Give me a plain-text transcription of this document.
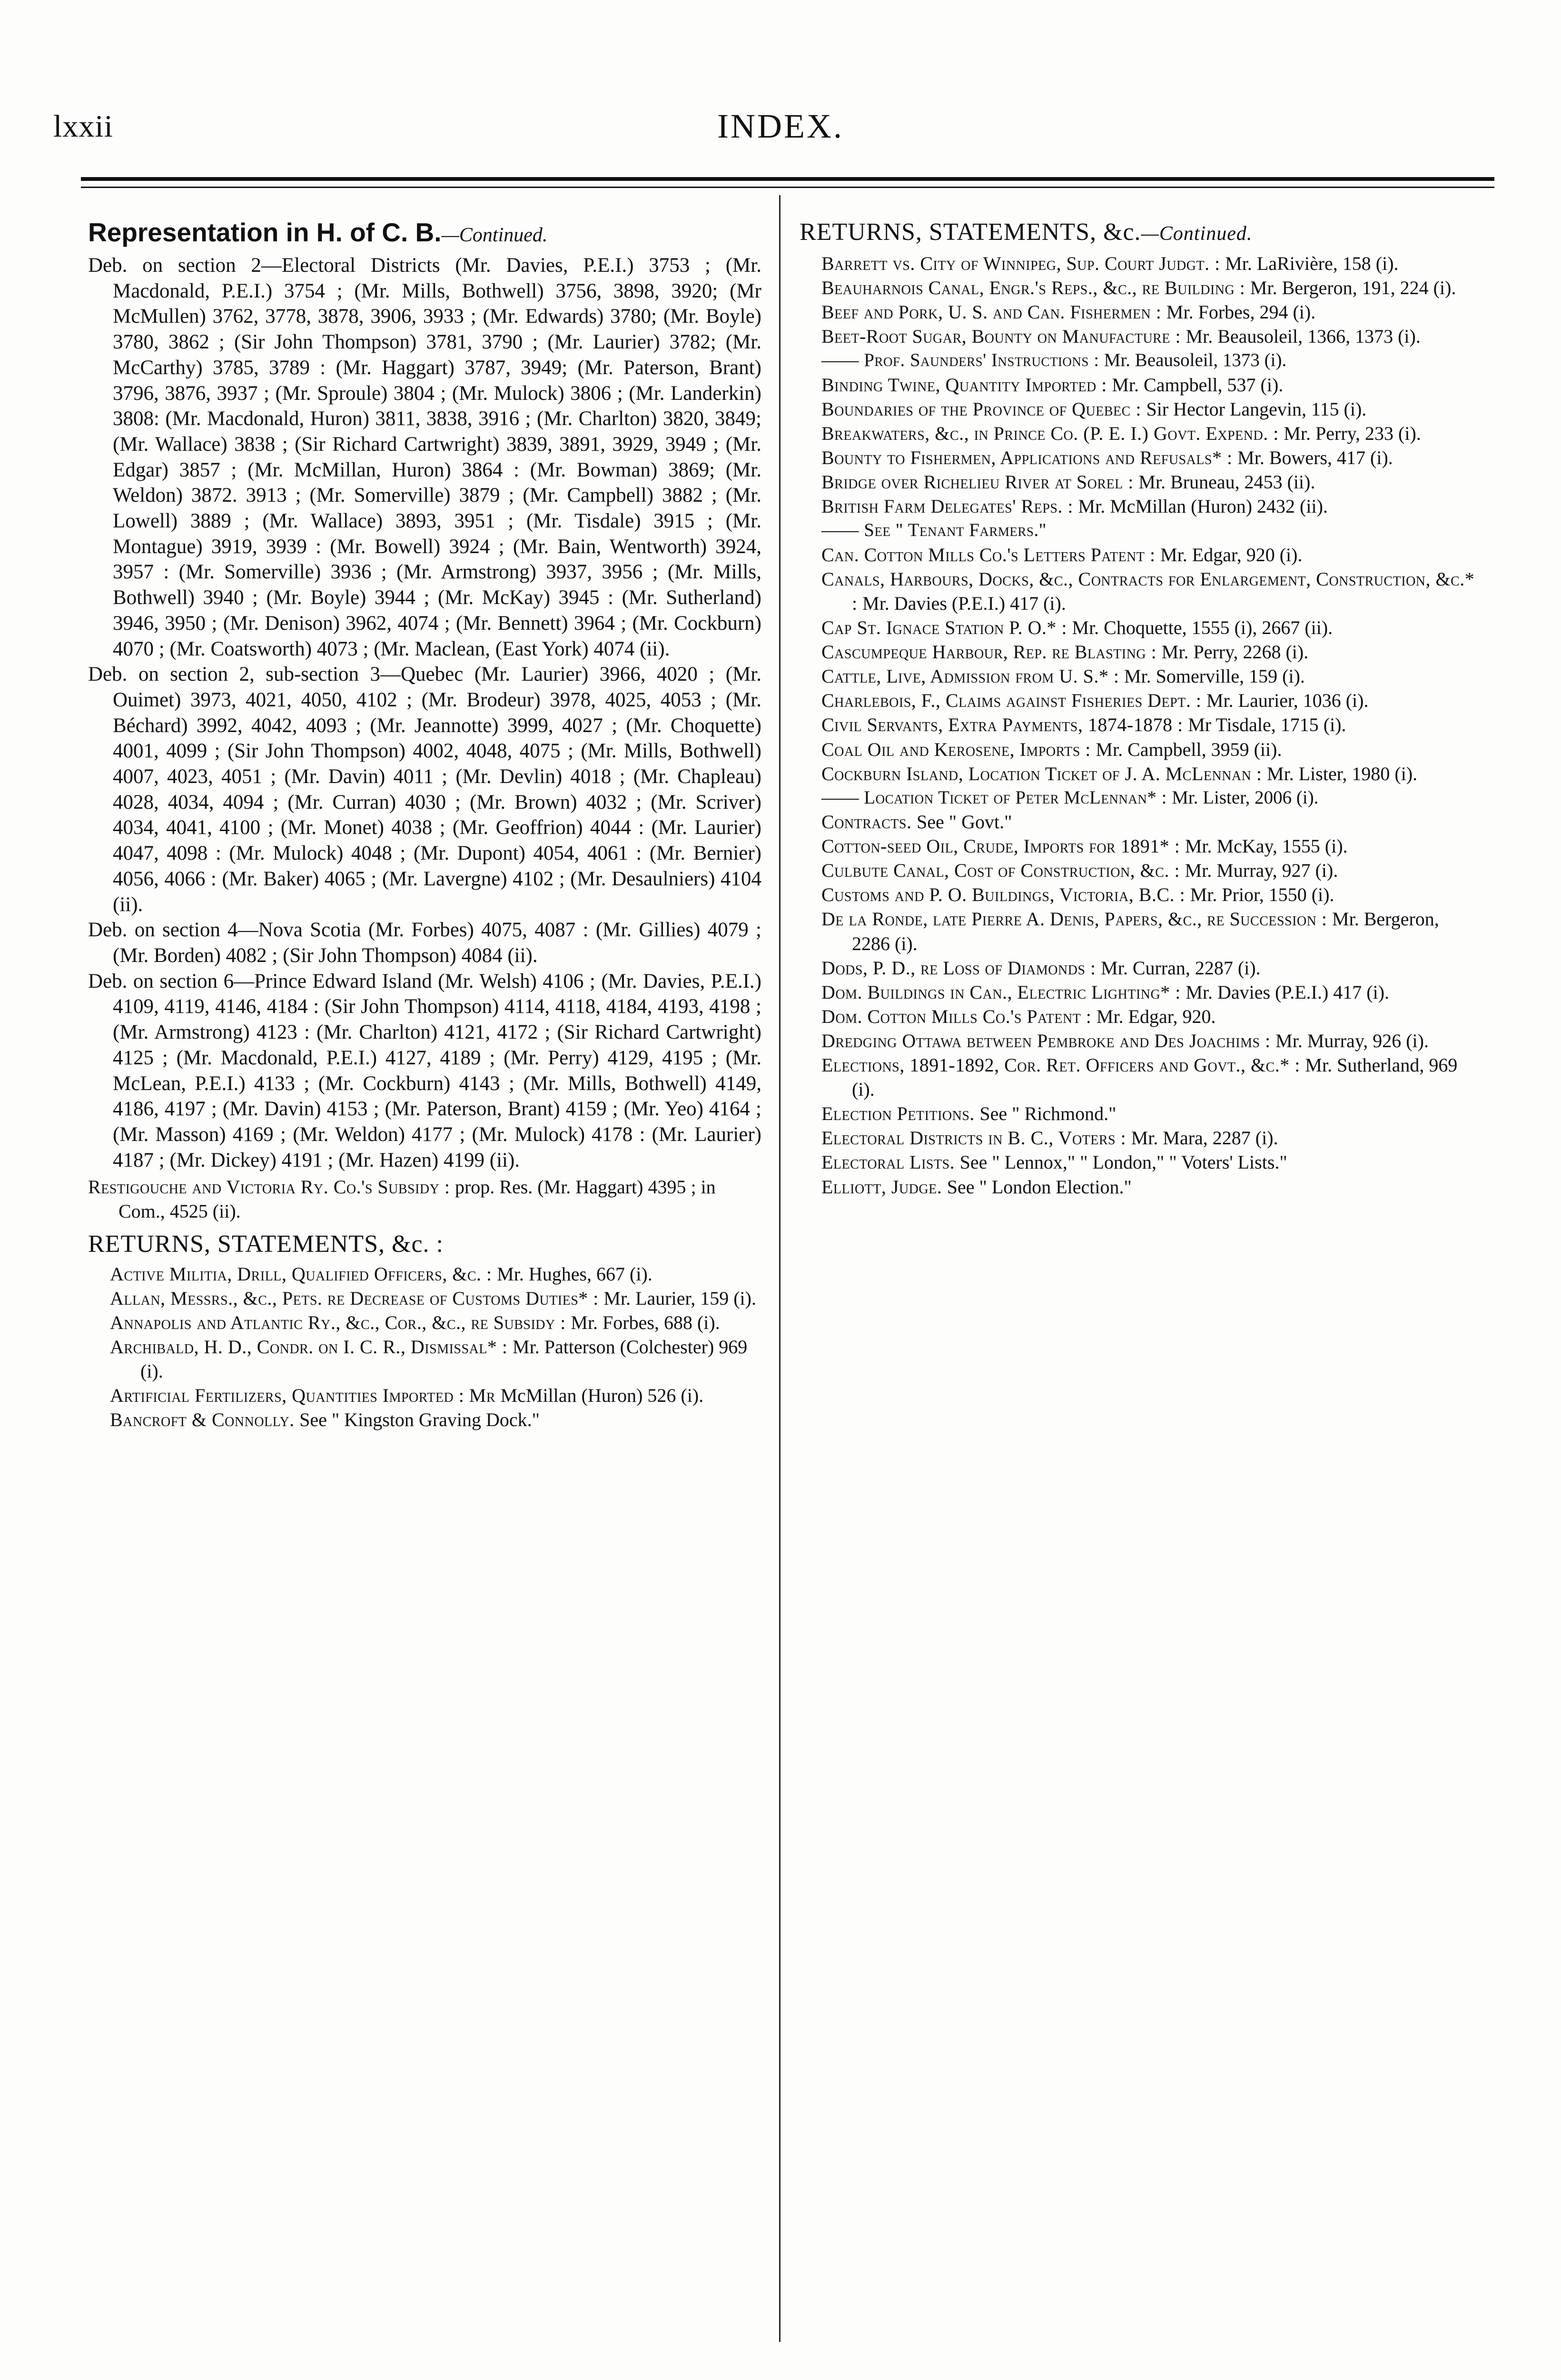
lxxii	INDEX.
Representation in H. of C. B.—Continued.

Deb. on section 2—Electoral Districts (Mr. Davies, P.E.I.) 3753 ; (Mr. Macdonald, P.E.I.) 3754 ; (Mr. Mills, Bothwell) 3756, 3898, 3920; (Mr McMullen) 3762, 3778, 3878, 3906, 3933 ; (Mr. Edwards) 3780; (Mr. Boyle) 3780, 3862 ; (Sir John Thompson) 3781, 3790 ; (Mr. Laurier) 3782; (Mr. McCarthy) 3785, 3789 : (Mr. Haggart) 3787, 3949; (Mr. Paterson, Brant) 3796, 3876, 3937 ; (Mr. Sproule) 3804 ; (Mr. Mulock) 3806 ; (Mr. Landerkin) 3808: (Mr. Macdonald, Huron) 3811, 3838, 3916 ; (Mr. Charlton) 3820, 3849; (Mr. Wallace) 3838 ; (Sir Richard Cartwright) 3839, 3891, 3929, 3949 ; (Mr. Edgar) 3857 ; (Mr. McMillan, Huron) 3864 : (Mr. Bowman) 3869; (Mr. Weldon) 3872. 3913 ; (Mr. Somerville) 3879 ; (Mr. Campbell) 3882 ; (Mr. Lowell) 3889 ; (Mr. Wallace) 3893, 3951 ; (Mr. Tisdale) 3915 ; (Mr. Montague) 3919, 3939 : (Mr. Bowell) 3924 ; (Mr. Bain, Wentworth) 3924, 3957 : (Mr. Somerville) 3936 ; (Mr. Armstrong) 3937, 3956 ; (Mr. Mills, Bothwell) 3940 ; (Mr. Boyle) 3944 ; (Mr. McKay) 3945 : (Mr. Sutherland) 3946, 3950 ; (Mr. Denison) 3962, 4074 ; (Mr. Bennett) 3964 ; (Mr. Cockburn) 4070 ; (Mr. Coatsworth) 4073 ; (Mr. Maclean, (East York) 4074 (ii).

Deb. on section 2, sub-section 3—Quebec (Mr. Laurier) 3966, 4020 ; (Mr. Ouimet) 3973, 4021, 4050, 4102 ; (Mr. Brodeur) 3978, 4025, 4053 ; (Mr. Béchard) 3992, 4042, 4093 ; (Mr. Jeannotte) 3999, 4027 ; (Mr. Choquette) 4001, 4099 ; (Sir John Thompson) 4002, 4048, 4075 ; (Mr. Mills, Bothwell) 4007, 4023, 4051 ; (Mr. Davin) 4011 ; (Mr. Devlin) 4018 ; (Mr. Chapleau) 4028, 4034, 4094 ; (Mr. Curran) 4030 ; (Mr. Brown) 4032 ; (Mr. Scriver) 4034, 4041, 4100 ; (Mr. Monet) 4038 ; (Mr. Geoffrion) 4044 : (Mr. Laurier) 4047, 4098 : (Mr. Mulock) 4048 ; (Mr. Dupont) 4054, 4061 : (Mr. Bernier) 4056, 4066 : (Mr. Baker) 4065 ; (Mr. Lavergne) 4102 ; (Mr. Desaulniers) 4104 (ii).

Deb. on section 4—Nova Scotia (Mr. Forbes) 4075, 4087 : (Mr. Gillies) 4079 ; (Mr. Borden) 4082 ; (Sir John Thompson) 4084 (ii).

Deb. on section 6—Prince Edward Island (Mr. Welsh) 4106 ; (Mr. Davies, P.E.I.) 4109, 4119, 4146, 4184 : (Sir John Thompson) 4114, 4118, 4184, 4193, 4198 ; (Mr. Armstrong) 4123 : (Mr. Charlton) 4121, 4172 ; (Sir Richard Cartwright) 4125 ; (Mr. Macdonald, P.E.I.) 4127, 4189 ; (Mr. Perry) 4129, 4195 ; (Mr. McLean, P.E.I.) 4133 ; (Mr. Cockburn) 4143 ; (Mr. Mills, Bothwell) 4149, 4186, 4197 ; (Mr. Davin) 4153 ; (Mr. Paterson, Brant) 4159 ; (Mr. Yeo) 4164 ; (Mr. Masson) 4169 ; (Mr. Weldon) 4177 ; (Mr. Mulock) 4178 : (Mr. Laurier) 4187 ; (Mr. Dickey) 4191 ; (Mr. Hazen) 4199 (ii).

Restigouche and Victoria Ry. Co.'s Subsidy : prop. Res. (Mr. Haggart) 4395 ; in Com., 4525 (ii).

RETURNS, STATEMENTS, &c. :

Active Militia, Drill, Qualified Officers, &c. : Mr. Hughes, 667 (i).

Allan, Messrs., &c., Pets. re Decrease of Customs Duties* : Mr. Laurier, 159 (i).

Annapolis and Atlantic Ry., &c., Cor., &c., re Subsidy : Mr. Forbes, 688 (i).

Archibald, H. D., Condr. on I. C. R., Dismissal* : Mr. Patterson (Colchester) 969 (i).

Artificial Fertilizers, Quantities Imported : Mr McMillan (Huron) 526 (i).

Bancroft & Connolly. See " Kingston Graving Dock."

RETURNS, STATEMENTS, &c.—Continued.

Barrett vs. City of Winnipeg, Sup. Court Judgt. : Mr. LaRivière, 158 (i).

Beauharnois Canal, Engr.'s Reps., &c., re Building : Mr. Bergeron, 191, 224 (i).

Beef and Pork, U. S. and Can. Fishermen : Mr. Forbes, 294 (i).

Beet-Root Sugar, Bounty on Manufacture : Mr. Beausoleil, 1366, 1373 (i).

—— Prof. Saunders' Instructions : Mr. Beausoleil, 1373 (i).

Binding Twine, Quantity Imported : Mr. Campbell, 537 (i).

Boundaries of the Province of Quebec : Sir Hector Langevin, 115 (i).

Breakwaters, &c., in Prince Co. (P. E. I.) Govt. Expend. : Mr. Perry, 233 (i).

Bounty to Fishermen, Applications and Refusals* : Mr. Bowers, 417 (i).

Bridge over Richelieu River at Sorel : Mr. Bruneau, 2453 (ii).

British Farm Delegates' Reps. : Mr. McMillan (Huron) 2432 (ii).

—— See " Tenant Farmers."

Can. Cotton Mills Co.'s Letters Patent : Mr. Edgar, 920 (i).

Canals, Harbours, Docks, &c., Contracts for Enlargement, Construction, &c.* : Mr. Davies (P.E.I.) 417 (i).

Cap St. Ignace Station P. O.* : Mr. Choquette, 1555 (i), 2667 (ii).

Cascumpeque Harbour, Rep. re Blasting : Mr. Perry, 2268 (i).

Cattle, Live, Admission from U. S.* : Mr. Somerville, 159 (i).

Charlebois, F., Claims against Fisheries Dept. : Mr. Laurier, 1036 (i).

Civil Servants, Extra Payments, 1874-1878 : Mr Tisdale, 1715 (i).

Coal Oil and Kerosene, Imports : Mr. Campbell, 3959 (ii).

Cockburn Island, Location Ticket of J. A. McLennan : Mr. Lister, 1980 (i).

—— Location Ticket of Peter McLennan* : Mr. Lister, 2006 (i).

Contracts. See " Govt."

Cotton-seed Oil, Crude, Imports for 1891* : Mr. McKay, 1555 (i).

Culbute Canal, Cost of Construction, &c. : Mr. Murray, 927 (i).

Customs and P. O. Buildings, Victoria, B.C. : Mr. Prior, 1550 (i).

De la Ronde, late Pierre A. Denis, Papers, &c., re Succession : Mr. Bergeron, 2286 (i).

Dods, P. D., re Loss of Diamonds : Mr. Curran, 2287 (i).

Dom. Buildings in Can., Electric Lighting* : Mr. Davies (P.E.I.) 417 (i).

Dom. Cotton Mills Co.'s Patent : Mr. Edgar, 920.

Dredging Ottawa between Pembroke and Des Joachims : Mr. Murray, 926 (i).

Elections, 1891-1892, Cor. Ret. Officers and Govt., &c.* : Mr. Sutherland, 969 (i).

Election Petitions. See " Richmond."

Electoral Districts in B. C., Voters : Mr. Mara, 2287 (i).

Electoral Lists. See " Lennox," " London," " Voters' Lists."

Elliott, Judge. See " London Election."
